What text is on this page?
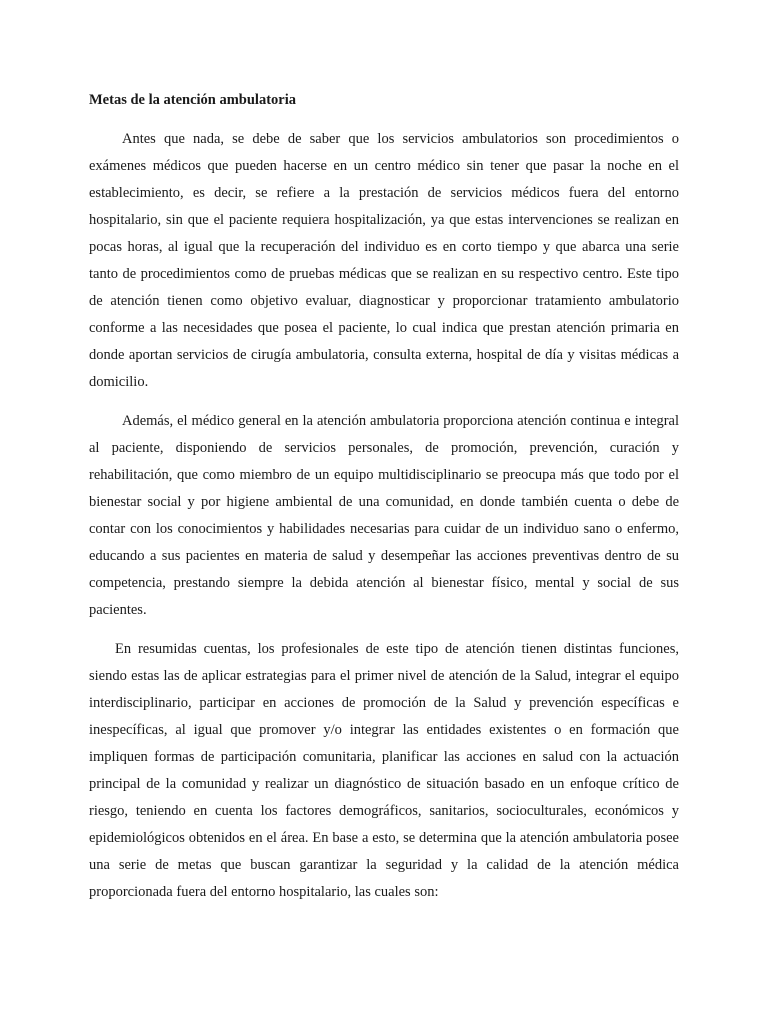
Metas de la atención ambulatoria

Antes que nada, se debe de saber que los servicios ambulatorios son procedimientos o exámenes médicos que pueden hacerse en un centro médico sin tener que pasar la noche en el establecimiento, es decir, se refiere a la prestación de servicios médicos fuera del entorno hospitalario, sin que el paciente requiera hospitalización, ya que estas intervenciones se realizan en pocas horas, al igual que la recuperación del individuo es en corto tiempo y que abarca una serie tanto de procedimientos como de pruebas médicas que se realizan en su respectivo centro. Este tipo de atención tienen como objetivo evaluar, diagnosticar y proporcionar tratamiento ambulatorio conforme a las necesidades que posea el paciente, lo cual indica que prestan atención primaria en donde aportan servicios de cirugía ambulatoria, consulta externa, hospital de día y visitas médicas a domicilio.

Además, el médico general en la atención ambulatoria proporciona atención continua e integral al paciente, disponiendo de servicios personales, de promoción, prevención, curación y rehabilitación, que como miembro de un equipo multidisciplinario se preocupa más que todo por el bienestar social y por higiene ambiental de una comunidad, en donde también cuenta o debe de contar con los conocimientos y habilidades necesarias para cuidar de un individuo sano o enfermo, educando a sus pacientes en materia de salud y desempeñar las acciones preventivas dentro de su competencia, prestando siempre la debida atención al bienestar físico, mental y social de sus pacientes.

En resumidas cuentas, los profesionales de este tipo de atención tienen distintas funciones, siendo estas las de aplicar estrategias para el primer nivel de atención de la Salud, integrar el equipo interdisciplinario, participar en acciones de promoción de la Salud y prevención específicas e inespecíficas, al igual que promover y/o integrar las entidades existentes o en formación que impliquen formas de participación comunitaria, planificar las acciones en salud con la actuación principal de la comunidad y realizar un diagnóstico de situación basado en un enfoque crítico de riesgo, teniendo en cuenta los factores demográficos, sanitarios, socioculturales, económicos y epidemiológicos obtenidos en el área. En base a esto, se determina que la atención ambulatoria posee una serie de metas que buscan garantizar la seguridad y la calidad de la atención médica proporcionada fuera del entorno hospitalario, las cuales son:
